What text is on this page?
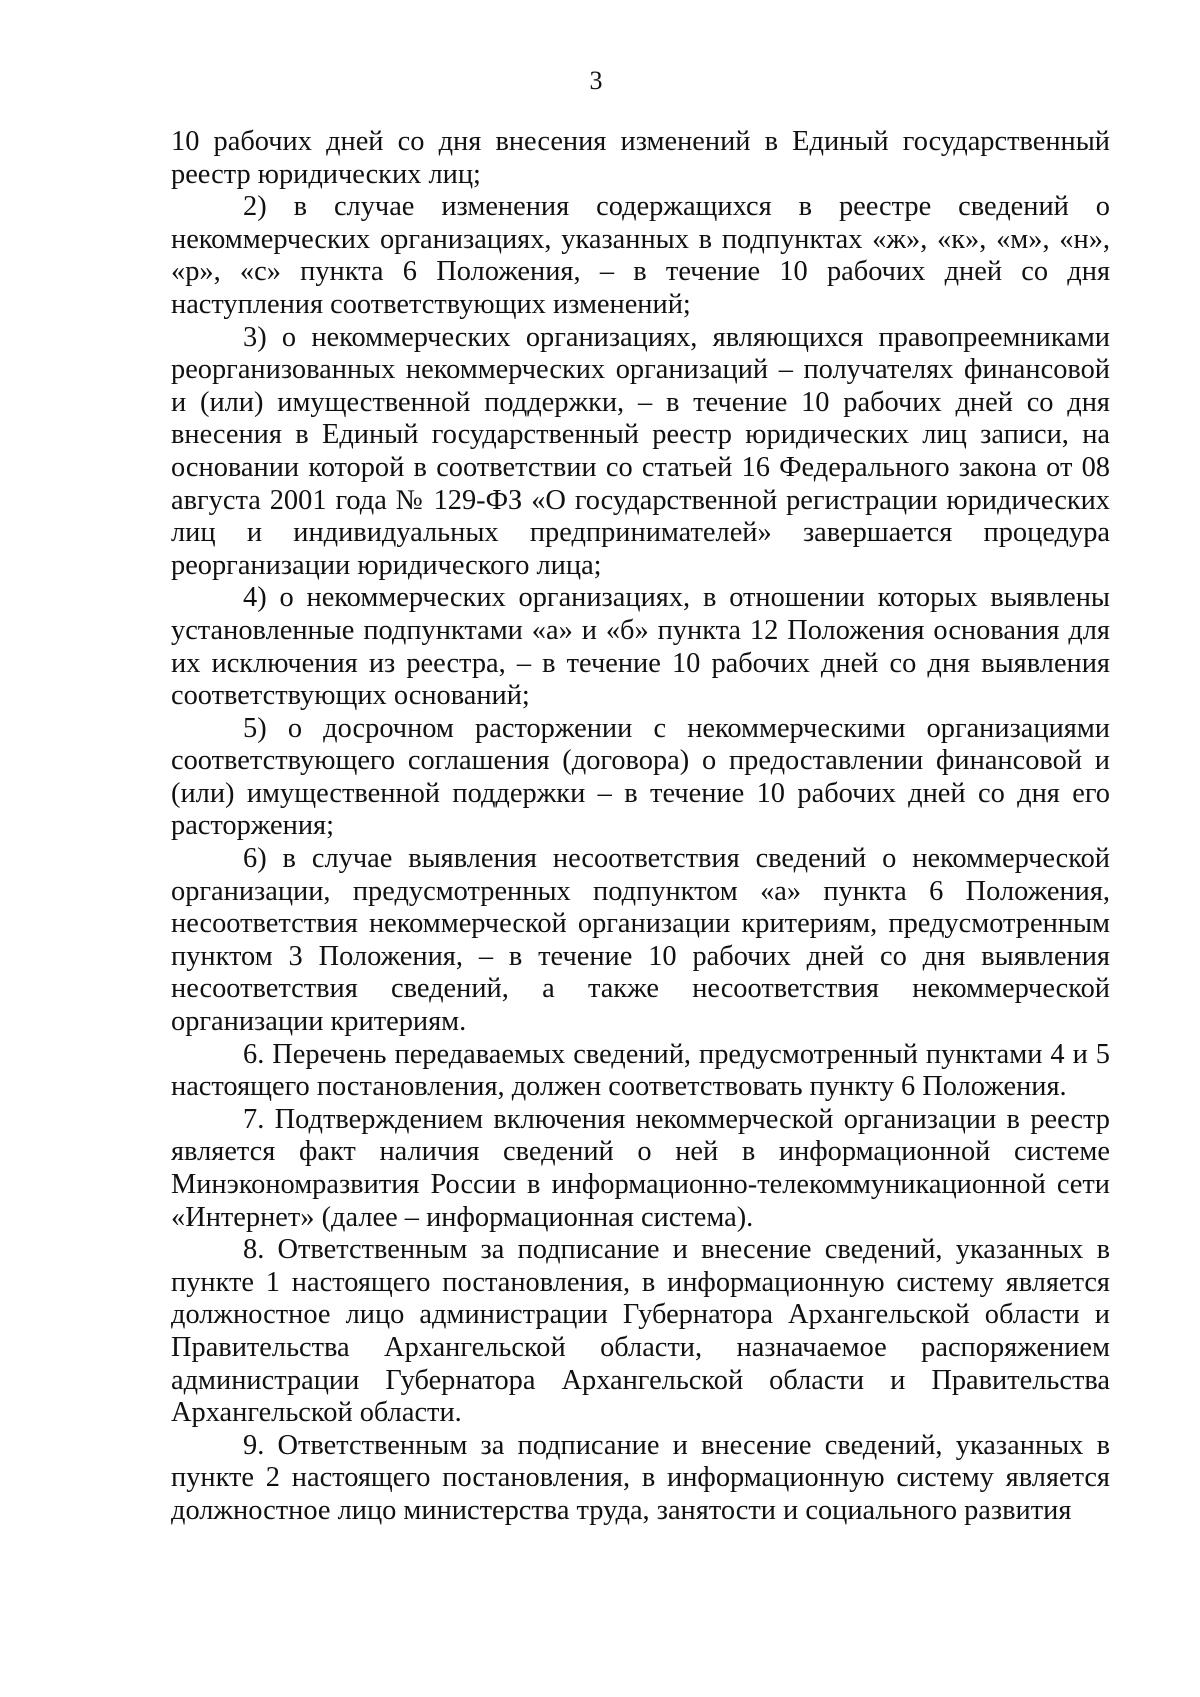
3

10 рабочих дней со дня внесения изменений в Единый государственный реестр юридических лиц;

2) в случае изменения содержащихся в реестре сведений о некоммерческих организациях, указанных в подпунктах «ж», «к», «м», «н», «р», «с» пункта 6 Положения, – в течение 10 рабочих дней со дня наступления соответствующих изменений;

3) о некоммерческих организациях, являющихся правопреемниками реорганизованных некоммерческих организаций – получателях финансовой и (или) имущественной поддержки, – в течение 10 рабочих дней со дня внесения в Единый государственный реестр юридических лиц записи, на основании которой в соответствии со статьей 16 Федерального закона от 08 августа 2001 года № 129-ФЗ «О государственной регистрации юридических лиц и индивидуальных предпринимателей» завершается процедура реорганизации юридического лица;

4) о некоммерческих организациях, в отношении которых выявлены установленные подпунктами «а» и «б» пункта 12 Положения основания для их исключения из реестра, – в течение 10 рабочих дней со дня выявления соответствующих оснований;

5) о досрочном расторжении с некоммерческими организациями соответствующего соглашения (договора) о предоставлении финансовой и (или) имущественной поддержки – в течение 10 рабочих дней со дня его расторжения;

6) в случае выявления несоответствия сведений о некоммерческой организации, предусмотренных подпунктом «а» пункта 6 Положения, несоответствия некоммерческой организации критериям, предусмотренным пунктом 3 Положения, – в течение 10 рабочих дней со дня выявления несоответствия сведений, а также несоответствия некоммерческой организации критериям.

6. Перечень передаваемых сведений, предусмотренный пунктами 4 и 5 настоящего постановления, должен соответствовать пункту 6 Положения.

7. Подтверждением включения некоммерческой организации в реестр является факт наличия сведений о ней в информационной системе Минэкономразвития России в информационно-телекоммуникационной сети «Интернет» (далее – информационная система).

8. Ответственным за подписание и внесение сведений, указанных в пункте 1 настоящего постановления, в информационную систему является должностное лицо администрации Губернатора Архангельской области и Правительства Архангельской области, назначаемое распоряжением администрации Губернатора Архангельской области и Правительства Архангельской области.

9. Ответственным за подписание и внесение сведений, указанных в пункте 2 настоящего постановления, в информационную систему является должностное лицо министерства труда, занятости и социального развития
